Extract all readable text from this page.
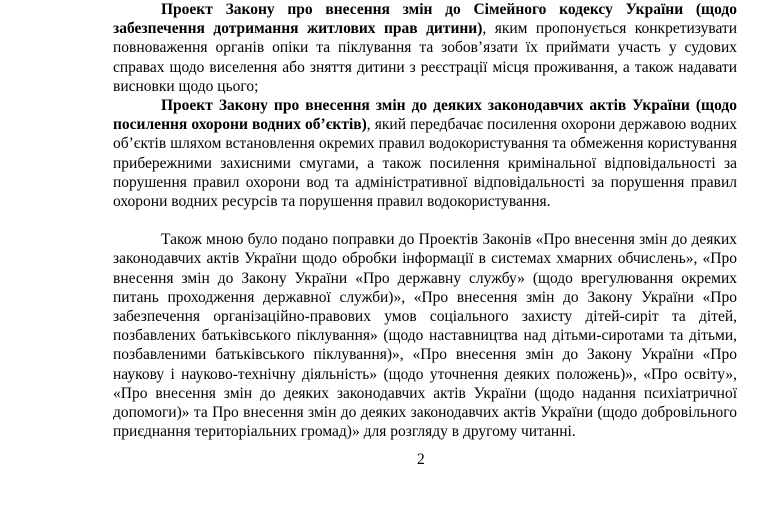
Проект Закону про внесення змін до Сімейного кодексу України (щодо забезпечення дотримання житлових прав дитини), яким пропонується конкретизувати повноваження органів опіки та піклування та зобов’язати їх приймати участь у судових справах щодо виселення або зняття дитини з реєстрації місця проживання, а також надавати висновки щодо цього;

Проект Закону про внесення змін до деяких законодавчих актів України (щодо посилення охорони водних об’єктів), який передбачає посилення охорони державою водних об’єктів шляхом встановлення окремих правил водокористування та обмеження користування прибережними захисними смугами, а також посилення кримінальної відповідальності за порушення правил охорони вод та адміністративної відповідальності за порушення правил охорони водних ресурсів та порушення правил водокористування.

Також мною було подано поправки до Проектів Законів «Про внесення змін до деяких законодавчих актів України щодо обробки інформації в системах хмарних обчислень», «Про внесення змін до Закону України «Про державну службу» (щодо врегулювання окремих питань проходження державної служби)», «Про внесення змін до Закону України «Про забезпечення організаційно-правових умов соціального захисту дітей-сиріт та дітей, позбавлених батьківського піклування» (щодо наставництва над дітьми-сиротами та дітьми, позбавленими батьківського піклування)», «Про внесення змін до Закону України «Про наукову і науково-технічну діяльність» (щодо уточнення деяких положень)», «Про освіту», «Про внесення змін до деяких законодавчих актів України (щодо надання психіатричної допомоги)» та Про внесення змін до деяких законодавчих актів України (щодо добровільного приєднання територіальних громад)» для розгляду в другому читанні.

2
